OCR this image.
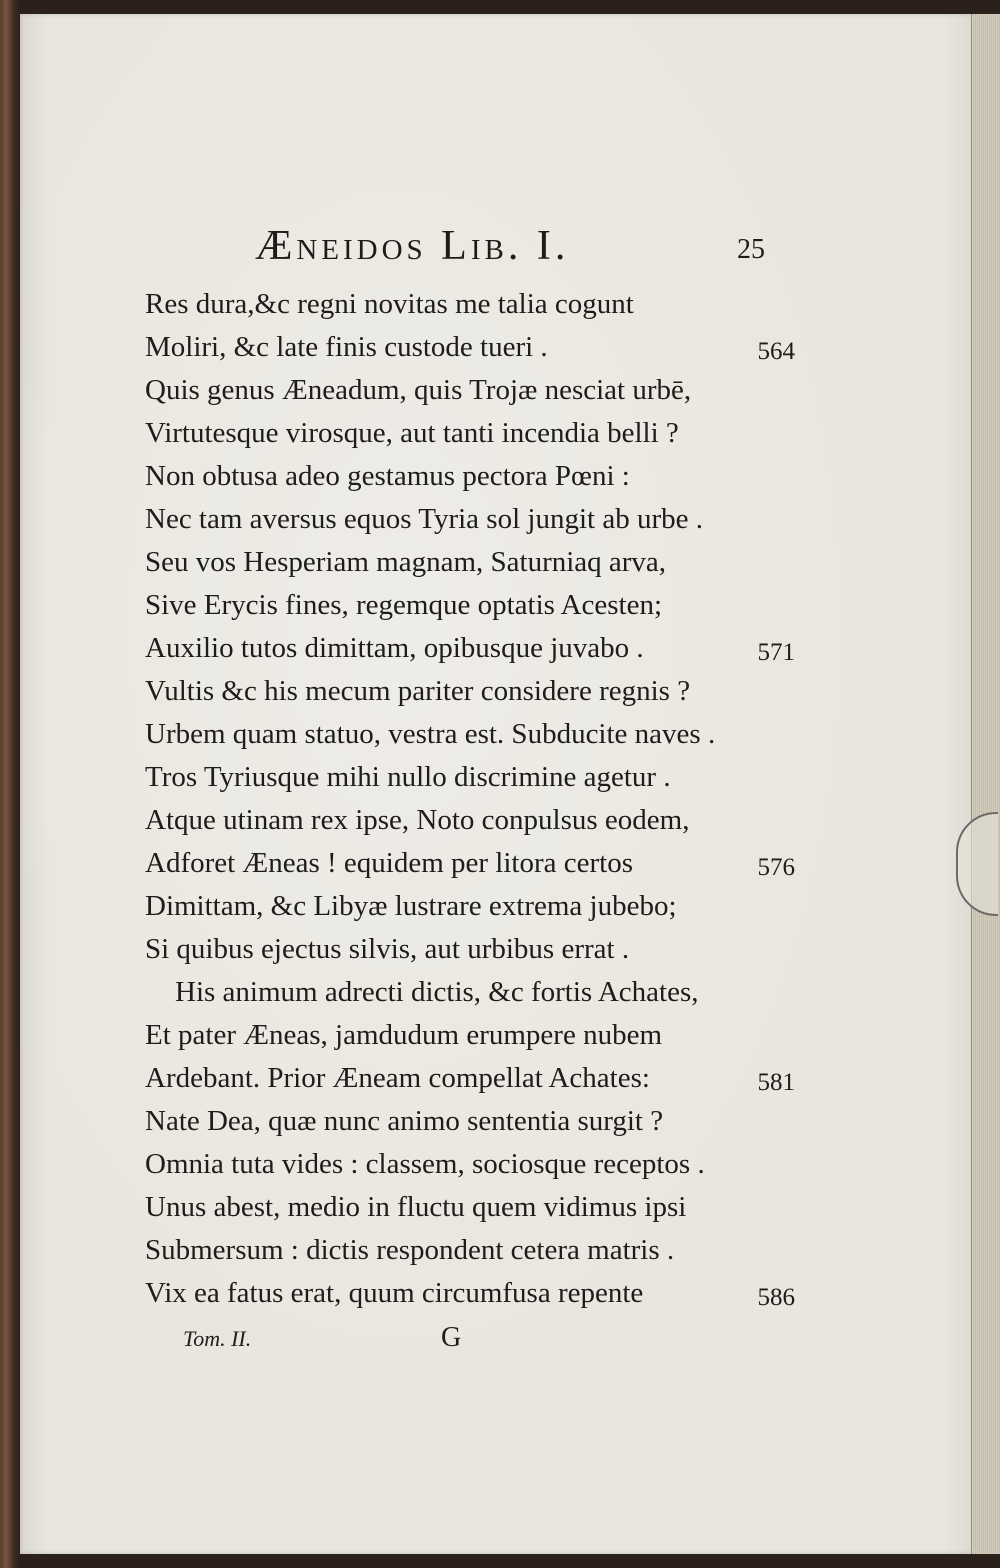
Æneidos Lib. I.	25
Res dura,&c regni novitas me talia cogunt
Moliri, &c late finis custode tueri .	564
Quis genus Æneadum, quis Trojæ nesciat urbē,
Virtutesque virosque, aut tanti incendia belli ?
Non obtusa adeo gestamus pectora Pœni :
Nec tam aversus equos Tyria sol jungit ab urbe .
Seu vos Hesperiam magnam, Saturniaq arva,
Sive Erycis fines, regemque optatis Acesten;
Auxilio tutos dimittam, opibusque juvabo .	571
Vultis &c his mecum pariter considere regnis ?
Urbem quam statuo, vestra est. Subducite naves .
Tros Tyriusque mihi nullo discrimine agetur .
Atque utinam rex ipse, Noto conpulsus eodem,
Adforet Æneas ! equidem per litora certos	576
Dimittam, &c Libyæ lustrare extrema jubebo;
Si quibus ejectus silvis, aut urbibus errat .
His animum adrecti dictis, &c fortis Achates,
Et pater Æneas, jamdudum erumpere nubem
Ardebant. Prior Æneam compellat Achates:	581
Nate Dea, quæ nunc animo sententia surgit ?
Omnia tuta vides : classem, sociosque receptos .
Unus abest, medio in fluctu quem vidimus ipsi
Submersum : dictis respondent cetera matris .
Vix ea fatus erat, quum circumfusa repente	586
Tom. II.	G
